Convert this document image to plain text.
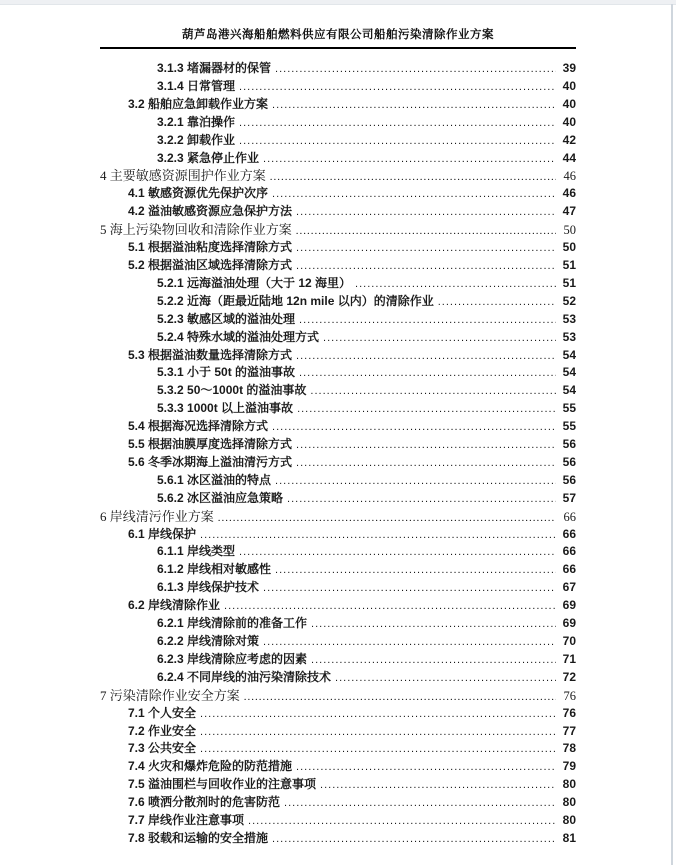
葫芦岛港兴海船舶燃料供应有限公司船舶污染清除作业方案
3.1.3 堵漏器材的保管 .....	39
3.1.4 日常管理 .....	40
3.2 船舶应急卸载作业方案 .....	40
3.2.1 靠泊操作 .....	40
3.2.2 卸载作业 .....	42
3.2.3 紧急停止作业 .....	44
4 主要敏感资源围护作业方案 .....	46
4.1 敏感资源优先保护次序 .....	46
4.2 溢油敏感资源应急保护方法 .....	47
5 海上污染物回收和清除作业方案 .....	50
5.1 根据溢油粘度选择清除方式 .....	50
5.2 根据溢油区域选择清除方式 .....	51
5.2.1 远海溢油处理（大于 12 海里） .....	51
5.2.2 近海（距最近陆地 12n mile 以内）的清除作业 .....	52
5.2.3 敏感区域的溢油处理 .....	53
5.2.4 特殊水域的溢油处理方式 .....	53
5.3 根据溢油数量选择清除方式 .....	54
5.3.1 小于 50t 的溢油事故 .....	54
5.3.2 50～1000t 的溢油事故 .....	54
5.3.3 1000t 以上溢油事故 .....	55
5.4 根据海况选择清除方式 .....	55
5.5 根据油膜厚度选择清除方式 .....	56
5.6 冬季冰期海上溢油清污方式 .....	56
5.6.1 冰区溢油的特点 .....	56
5.6.2 冰区溢油应急策略 .....	57
6 岸线清污作业方案 .....	66
6.1 岸线保护 .....	66
6.1.1 岸线类型 .....	66
6.1.2 岸线相对敏感性 .....	66
6.1.3 岸线保护技术 .....	67
6.2 岸线清除作业 .....	69
6.2.1 岸线清除前的准备工作 .....	69
6.2.2 岸线清除对策 .....	70
6.2.3 岸线清除应考虑的因素 .....	71
6.2.4 不同岸线的油污染清除技术 .....	72
7 污染清除作业安全方案 .....	76
7.1 个人安全 .....	76
7.2 作业安全 .....	77
7.3 公共安全 .....	78
7.4 火灾和爆炸危险的防范措施 .....	79
7.5 溢油围栏与回收作业的注意事项 .....	80
7.6 喷洒分散剂时的危害防范 .....	80
7.7 岸线作业注意事项 .....	80
7.8 驳载和运输的安全措施 .....	81
